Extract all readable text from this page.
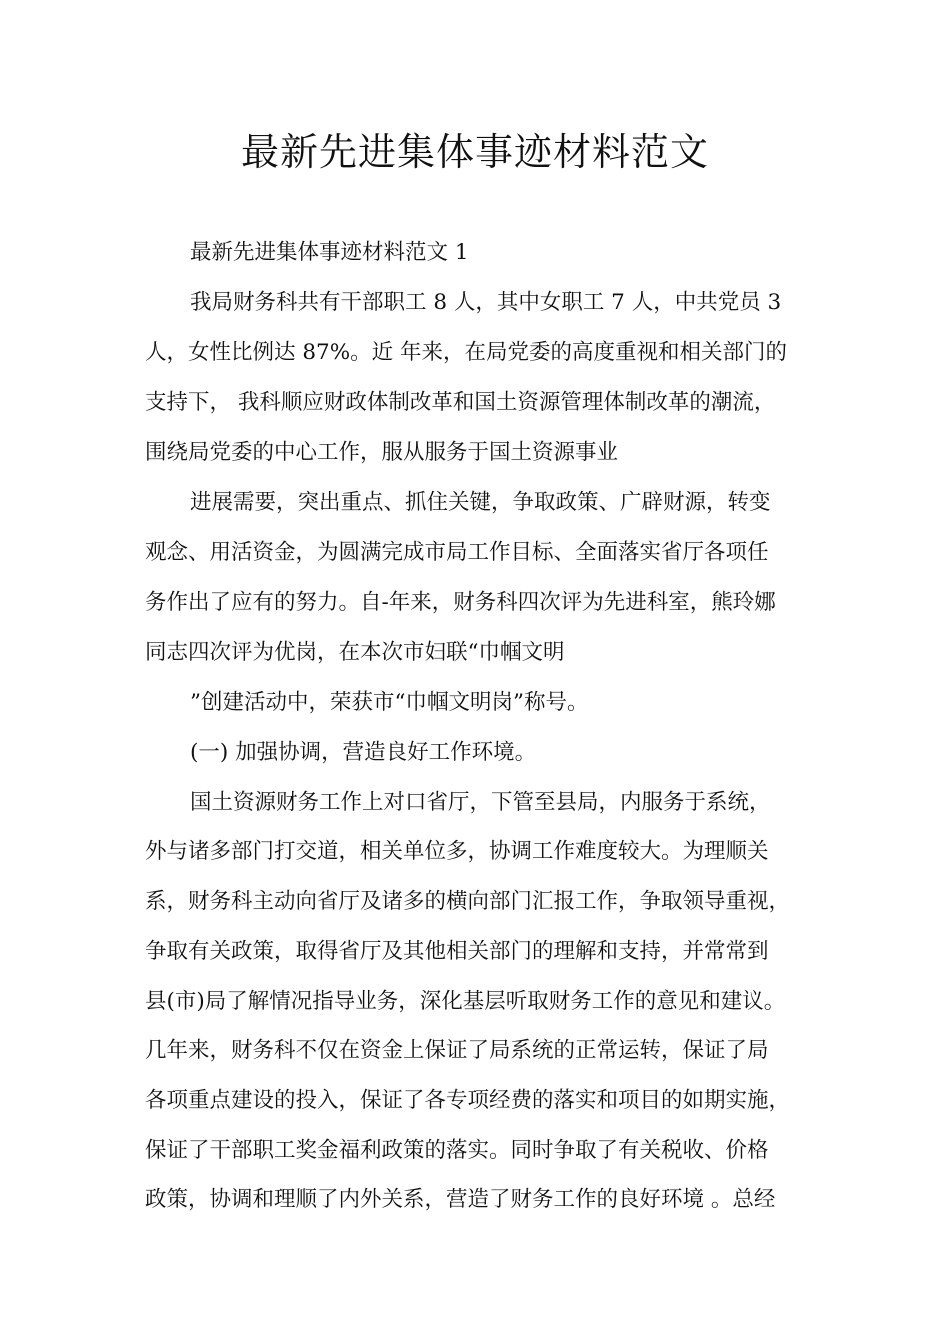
最新先进集体事迹材料范文
最新先进集体事迹材料范文 1
我局财务科共有干部职工 8 人，其中女职工 7 人，中共党员 3
人，女性比例达 87%。近 年来，在局党委的高度重视和相关部门的
支持下， 我科顺应财政体制改革和国土资源管理体制改革的潮流，
围绕局党委的中心工作，服从服务于国土资源事业
进展需要，突出重点、抓住关键，争取政策、广辟财源，转变
观念、用活资金，为圆满完成市局工作目标、全面落实省厅各项任
务作出了应有的努力。自-年来，财务科四次评为先进科室，熊玲娜
同志四次评为优岗，在本次市妇联“巾帼文明
”创建活动中，荣获市“巾帼文明岗”称号。
(一) 加强协调，营造良好工作环境。
国土资源财务工作上对口省厅，下管至县局，内服务于系统，
外与诸多部门打交道，相关单位多，协调工作难度较大。为理顺关
系，财务科主动向省厅及诸多的横向部门汇报工作，争取领导重视，
争取有关政策，取得省厅及其他相关部门的理解和支持，并常常到
县(市)局了解情况指导业务，深化基层听取财务工作的意见和建议。
几年来，财务科不仅在资金上保证了局系统的正常运转，保证了局
各项重点建设的投入，保证了各专项经费的落实和项目的如期实施，
保证了干部职工奖金福利政策的落实。同时争取了有关税收、价格
政策，协调和理顺了内外关系，营造了财务工作的良好环境 。总经
